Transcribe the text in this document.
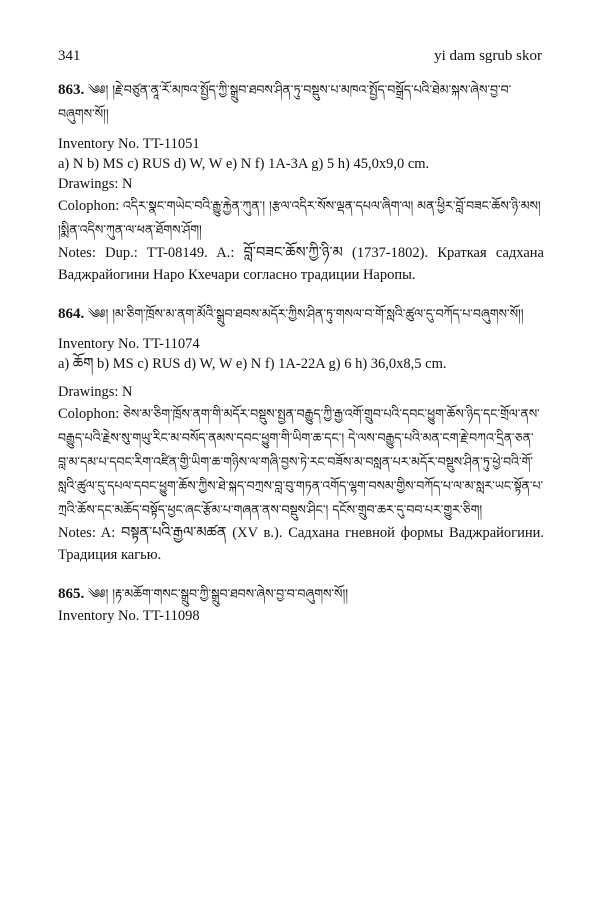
341	yi dam sgrub skor

863. ༄༅། །རྗེ་བཙུན་ནཱ་རོ་མཁའ་སྤྱོད་ཀྱི་སྒྲུབ་ཐབས་ཤིན་ཏུ་བསྡུས་པ་མཁའ་སྤྱོད་བསྒྲོད་པའི་ཐེམ་སྐས་ཞེས་བྱ་བ་བཞུགས་སོ།།

Inventory No. TT-11051

a) N b) MS c) RUS d) W, W e) N f) 1A-3A g) 5 h) 45,0x9,0 cm.

Drawings: N

Colophon: འདིར་སྣང་གཡེང་བའི་རྒྱུ་རྐྱེན་ཀུན་། །རྩལ་འདིར་སོས་ལྡན་དཔལ་ཞིག་ལ། མན་ཕྱིར་བློ་བཟང་ཆོས་ཉི་མས། །སྨིན་འདིས་ཀུན་ལ་ཕན་ཐོགས་ཤོག།

Notes: Dup.: TT-08149. A.: བློ་བཟང་ཆོས་ཀྱི་ཉི་མ (1737-1802). Краткая садхана Ваджрайогини Наро Кхечари согласно традиции Наропы.

864. ༄༅། །མ་ཅིག་ཁྲོས་མ་ནག་མོའི་སྒྲུབ་ཐབས་མདོར་ཀྱིས་ཤིན་ཏུ་གསལ་བ་གོ་སླའི་ཚུལ་དུ་བཀོད་པ་བཞུགས་སོ།།

Inventory No. TT-11074

a) ཆོག b) MS c) RUS d) W, W e) N f) 1A-22A g) 6 h) 36,0x8,5 cm.

Drawings: N

Colophon: ཅེས་མ་ཅིག་ཁྲོས་ནག་གི་མདོར་བསྡུས་སྤྱན་བརྒྱུད་ཀྱི་རྒྱ་འགོ་གྲུབ་པའི་དབང་ཕྱུག་ཆོས་ཉིད་དང་གྲོལ་ནས་བརྒྱུད་པའི་རྗེས་སུ་གཡུ་རིང་མ་བསོད་ནམས་དབང་ཕྱུག་གི་ཡིག་ཆ་དང་། དེ་ལས་བརྒྱུད་པའི་མན་ངག་རྗེ་བཀའ་དྲིན་ཅན་བླ་མ་དམ་པ་དབང་རིག་འཛིན་གྱི་ཡིག་ཆ་གཉིས་ལ་གཞི་བྱས་ཏེ་རང་བཟོས་མ་བསླན་པར་མདོར་བསྡུས་ཤིན་ཏུ་ཕྱེ་བའི་གོ་སླའི་ཚུལ་དུ་དཔལ་དབང་ཕྱུག་ཆོས་ཀྱིས་ཐེ་སྐད་བཀྲས་བླ་བུ་གཏན་འགོད་ལྷག་བསམ་གྱིས་བཀོད་པ་ལ་མ་སླར་ཡང་སྟོན་པ་ཀྲའི་ཆོས་དང་མཆོད་བསྟོད་ཕྱང་ཞང་རྩོམ་པ་གཞན་ནས་བསྡུས་ཤིང་། དངོས་གྲུབ་ཆར་དུ་བབ་པར་གྱུར་ཅིག།

Notes: A: བསྟན་པའི་རྒྱལ་མཚན (XV в.). Садхана гневной формы Ваджрайогини. Традиция кагью.

865. ༄༅། །རྟ་མཆོག་གསང་སྒྲུབ་ཀྱི་སྒྲུབ་ཐབས་ཞེས་བྱ་བ་བཞུགས་སོ།།

Inventory No. TT-11098
